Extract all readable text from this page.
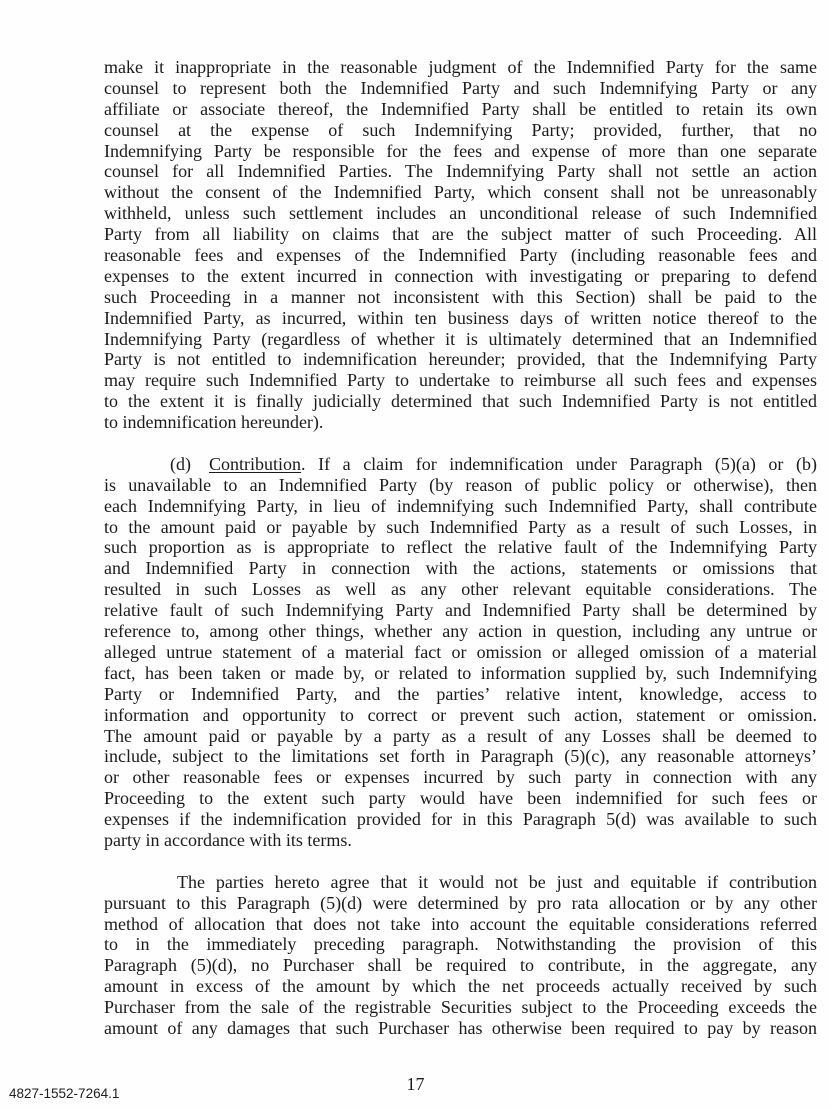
make it inappropriate in the reasonable judgment of the Indemnified Party for the same
counsel to represent both the Indemnified Party and such Indemnifying Party or any
affiliate or associate thereof, the Indemnified Party shall be entitled to retain its own
counsel at the expense of such Indemnifying Party; provided, further, that no
Indemnifying Party be responsible for the fees and expense of more than one separate
counsel for all Indemnified Parties. The Indemnifying Party shall not settle an action
without the consent of the Indemnified Party, which consent shall not be unreasonably
withheld, unless such settlement includes an unconditional release of such Indemnified
Party from all liability on claims that are the subject matter of such Proceeding. All
reasonable fees and expenses of the Indemnified Party (including reasonable fees and
expenses to the extent incurred in connection with investigating or preparing to defend
such Proceeding in a manner not inconsistent with this Section) shall be paid to the
Indemnified Party, as incurred, within ten business days of written notice thereof to the
Indemnifying Party (regardless of whether it is ultimately determined that an Indemnified
Party is not entitled to indemnification hereunder; provided, that the Indemnifying Party
may require such Indemnified Party to undertake to reimburse all such fees and expenses
to the extent it is finally judicially determined that such Indemnified Party is not entitled
to indemnification hereunder).
(d) Contribution. If a claim for indemnification under Paragraph (5)(a) or (b)
is unavailable to an Indemnified Party (by reason of public policy or otherwise), then
each Indemnifying Party, in lieu of indemnifying such Indemnified Party, shall contribute
to the amount paid or payable by such Indemnified Party as a result of such Losses, in
such proportion as is appropriate to reflect the relative fault of the Indemnifying Party
and Indemnified Party in connection with the actions, statements or omissions that
resulted in such Losses as well as any other relevant equitable considerations. The
relative fault of such Indemnifying Party and Indemnified Party shall be determined by
reference to, among other things, whether any action in question, including any untrue or
alleged untrue statement of a material fact or omission or alleged omission of a material
fact, has been taken or made by, or related to information supplied by, such Indemnifying
Party or Indemnified Party, and the parties’ relative intent, knowledge, access to
information and opportunity to correct or prevent such action, statement or omission.
The amount paid or payable by a party as a result of any Losses shall be deemed to
include, subject to the limitations set forth in Paragraph (5)(c), any reasonable attorneys’
or other reasonable fees or expenses incurred by such party in connection with any
Proceeding to the extent such party would have been indemnified for such fees or
expenses if the indemnification provided for in this Paragraph 5(d) was available to such
party in accordance with its terms.
The parties hereto agree that it would not be just and equitable if contribution
pursuant to this Paragraph (5)(d) were determined by pro rata allocation or by any other
method of allocation that does not take into account the equitable considerations referred
to in the immediately preceding paragraph. Notwithstanding the provision of this
Paragraph (5)(d), no Purchaser shall be required to contribute, in the aggregate, any
amount in excess of the amount by which the net proceeds actually received by such
Purchaser from the sale of the registrable Securities subject to the Proceeding exceeds the
amount of any damages that such Purchaser has otherwise been required to pay by reason
4827-1552-7264.1	17
